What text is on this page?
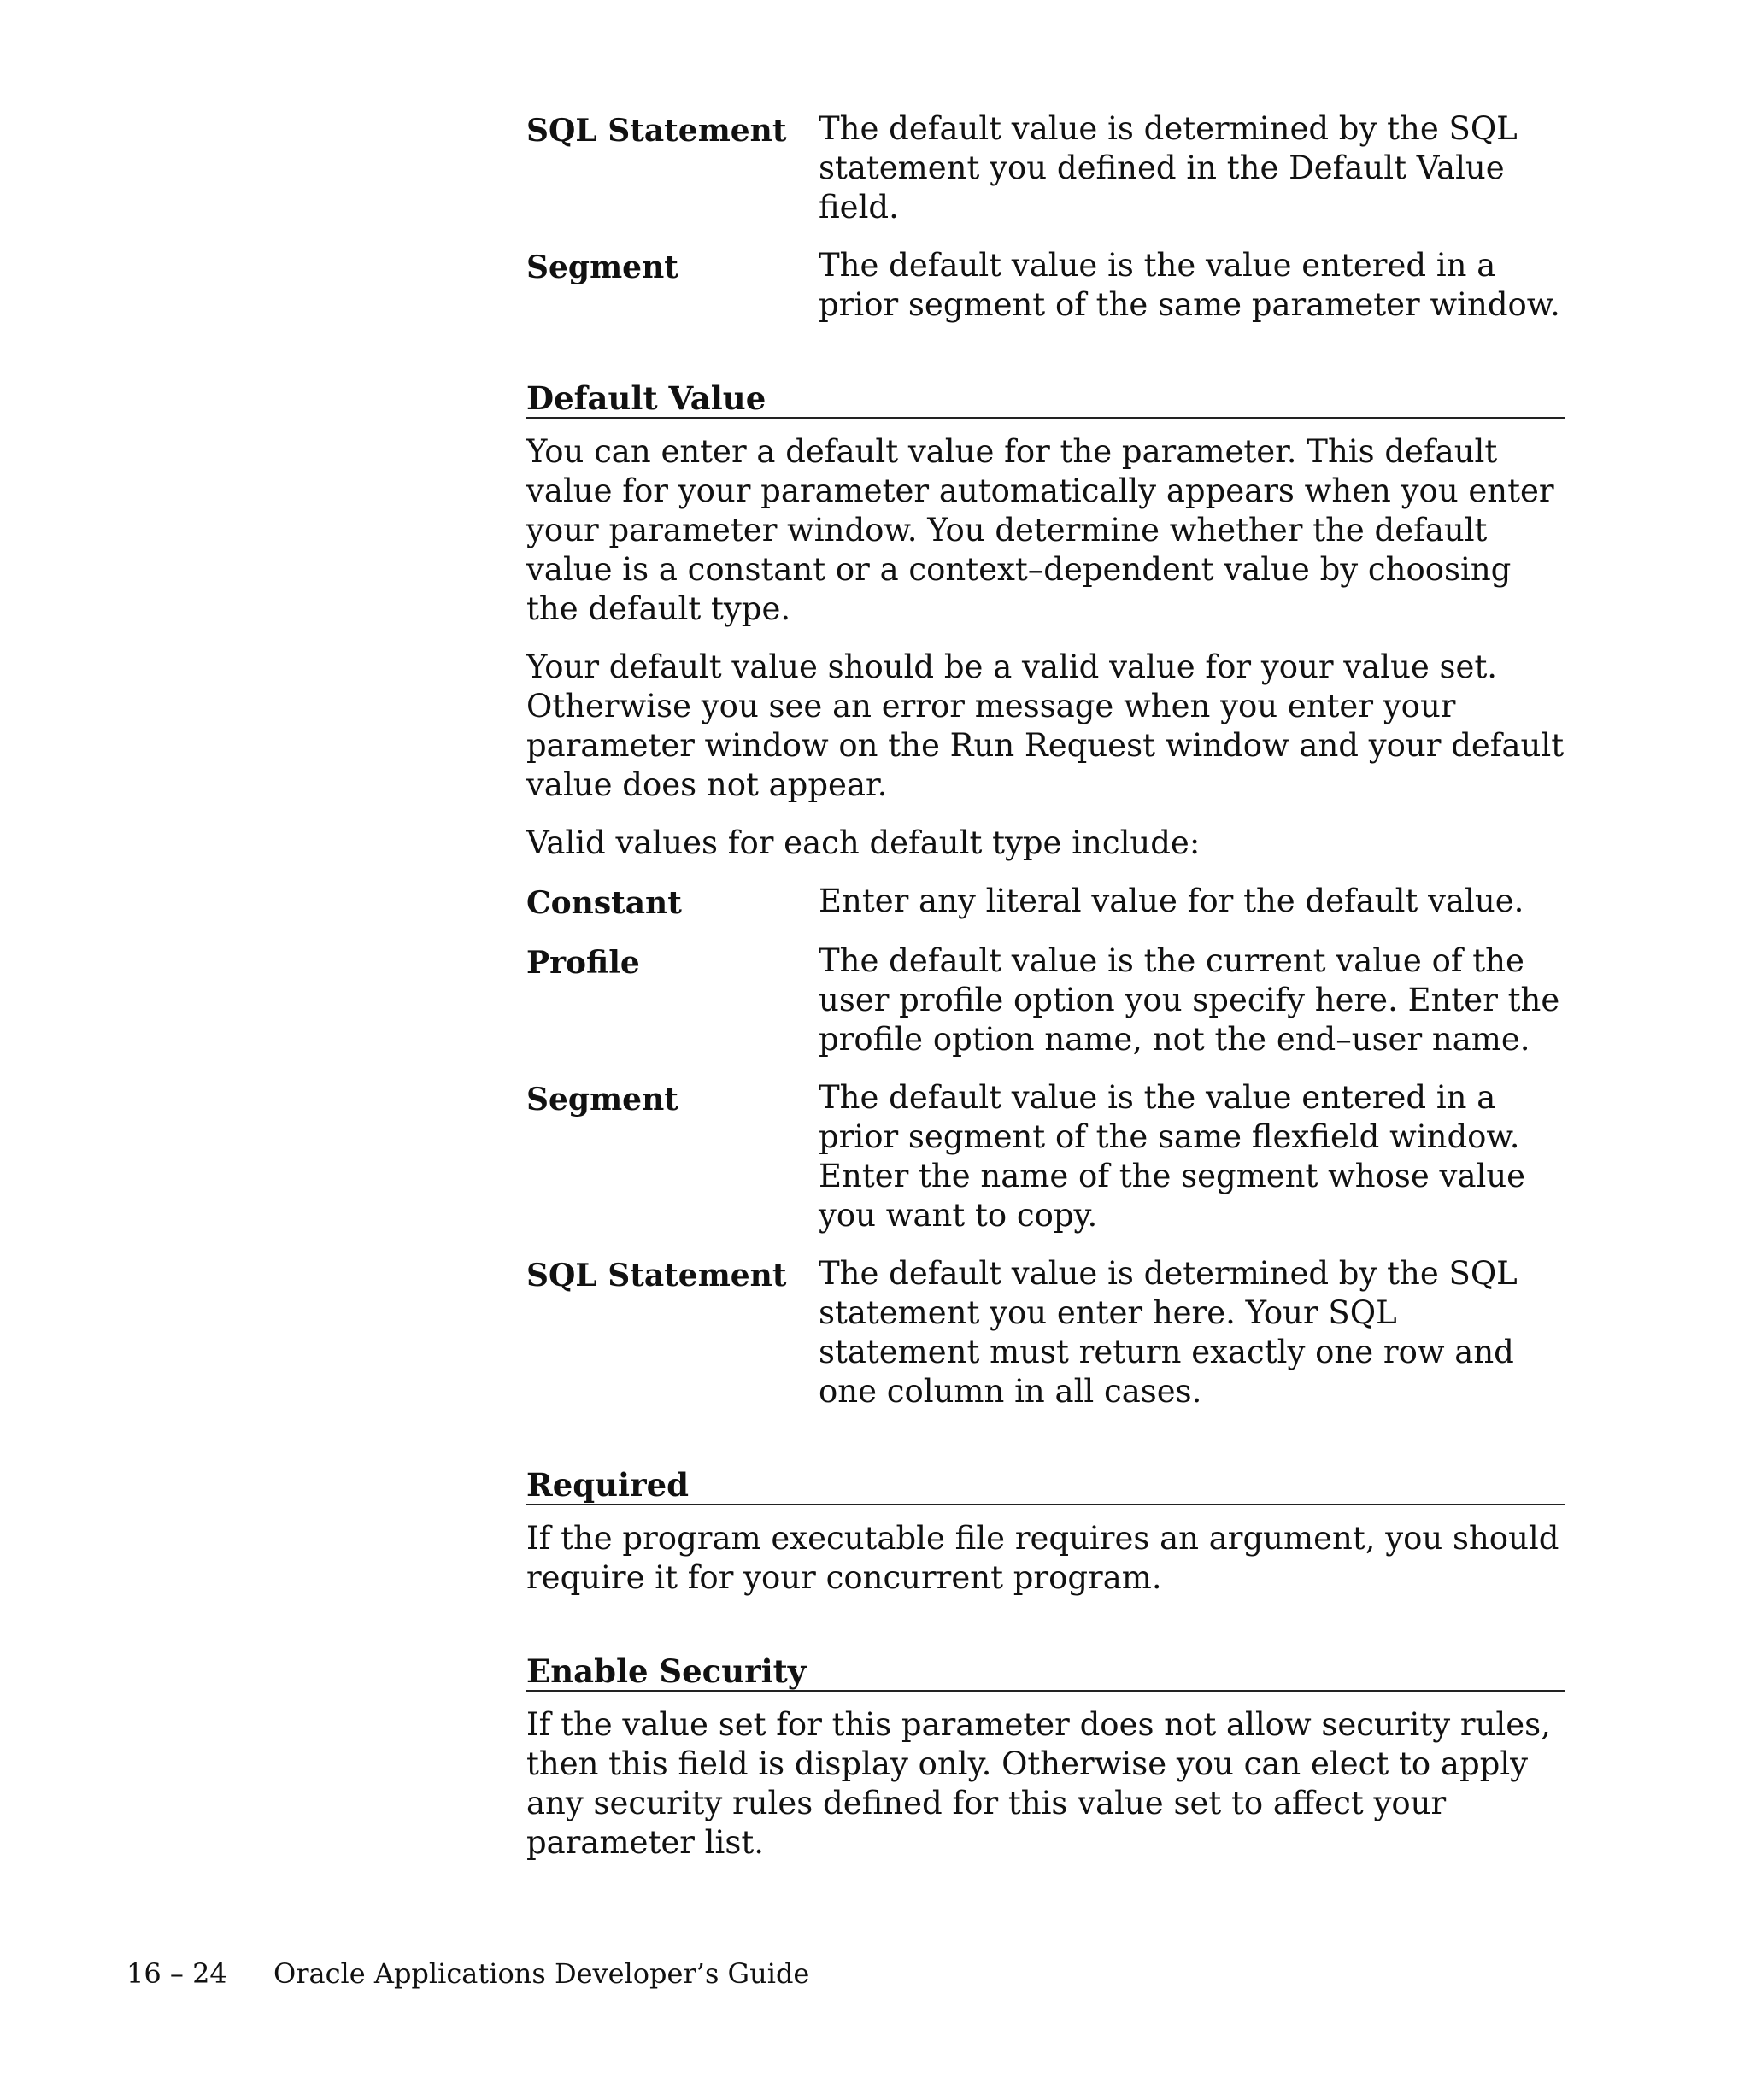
SQL Statement	The default value is determined by the SQL statement you defined in the Default Value field.
Segment	The default value is the value entered in a prior segment of the same parameter window.
Default Value

You can enter a default value for the parameter. This default value for your parameter automatically appears when you enter your parameter window. You determine whether the default value is a constant or a context–dependent value by choosing the default type.

Your default value should be a valid value for your value set. Otherwise you see an error message when you enter your parameter window on the Run Request window and your default value does not appear.

Valid values for each default type include:

Constant	Enter any literal value for the default value.
Profile	The default value is the current value of the user profile option you specify here. Enter the profile option name, not the end–user name.
Segment	The default value is the value entered in a prior segment of the same flexfield window. Enter the name of the segment whose value you want to copy.
SQL Statement	The default value is determined by the SQL statement you enter here. Your SQL statement must return exactly one row and one column in all cases.
Required

If the program executable file requires an argument, you should require it for your concurrent program.

Enable Security

If the value set for this parameter does not allow security rules, then this field is display only. Otherwise you can elect to apply any security rules defined for this value set to affect your parameter list.

16 – 24 Oracle Applications Developer’s Guide
